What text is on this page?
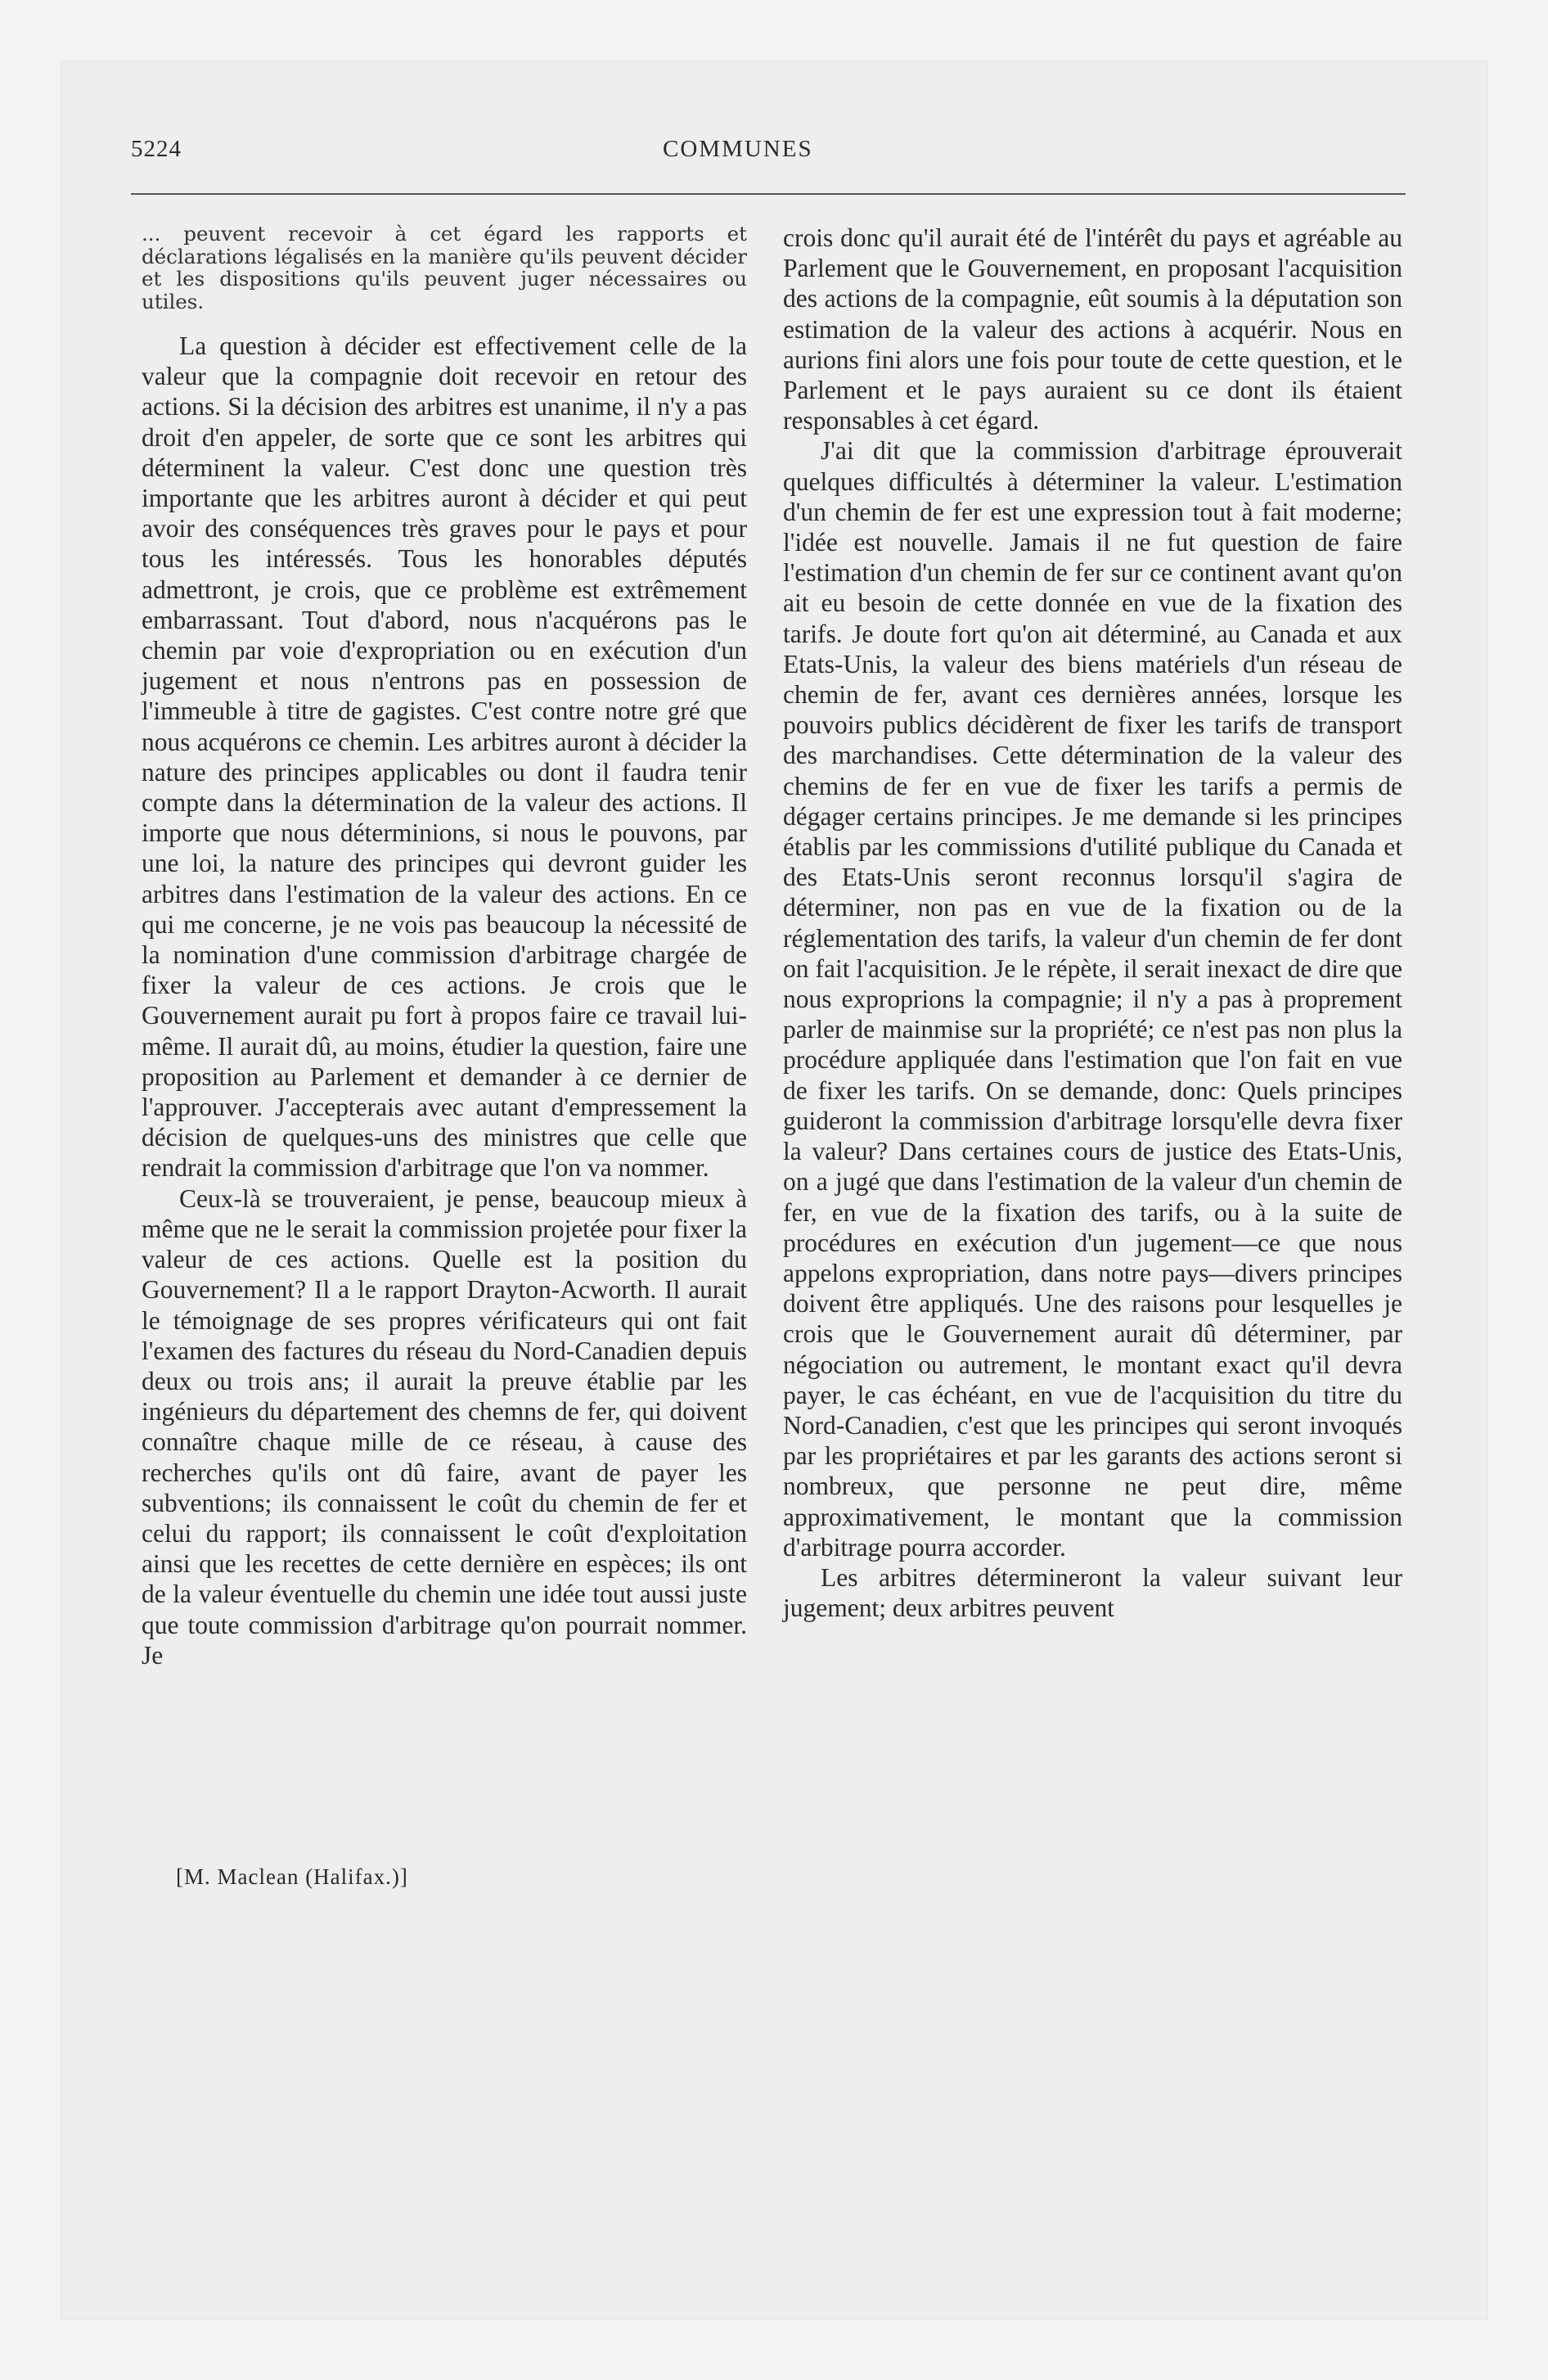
5224	COMMUNES

... peuvent recevoir à cet égard les rapports et déclarations légalisés en la manière qu'ils peuvent décider et les dispositions qu'ils peuvent juger nécessaires ou utiles.

La question à décider est effectivement celle de la valeur que la compagnie doit recevoir en retour des actions. Si la décision des arbitres est unanime, il n'y a pas droit d'en appeler, de sorte que ce sont les arbitres qui déterminent la valeur. C'est donc une question très importante que les arbitres auront à décider et qui peut avoir des conséquences très graves pour le pays et pour tous les intéressés. Tous les honorables députés admettront, je crois, que ce problème est extrêmement embarrassant. Tout d'abord, nous n'acquérons pas le chemin par voie d'expropriation ou en exécution d'un jugement et nous n'entrons pas en possession de l'immeuble à titre de gagistes. C'est contre notre gré que nous acquérons ce chemin. Les arbitres auront à décider la nature des principes applicables ou dont il faudra tenir compte dans la détermination de la valeur des actions. Il importe que nous déterminions, si nous le pouvons, par une loi, la nature des principes qui devront guider les arbitres dans l'estimation de la valeur des actions. En ce qui me concerne, je ne vois pas beaucoup la nécessité de la nomination d'une commission d'arbitrage chargée de fixer la valeur de ces actions. Je crois que le Gouvernement aurait pu fort à propos faire ce travail lui-même. Il aurait dû, au moins, étudier la question, faire une proposition au Parlement et demander à ce dernier de l'approuver. J'accepterais avec autant d'empressement la décision de quelques-uns des ministres que celle que rendrait la commission d'arbitrage que l'on va nommer.

Ceux-là se trouveraient, je pense, beaucoup mieux à même que ne le serait la commission projetée pour fixer la valeur de ces actions. Quelle est la position du Gouvernement? Il a le rapport Drayton-Acworth. Il aurait le témoignage de ses propres vérificateurs qui ont fait l'examen des factures du réseau du Nord-Canadien depuis deux ou trois ans; il aurait la preuve établie par les ingénieurs du département des chemns de fer, qui doivent connaître chaque mille de ce réseau, à cause des recherches qu'ils ont dû faire, avant de payer les subventions; ils connaissent le coût du chemin de fer et celui du rapport; ils connaissent le coût d'exploitation ainsi que les recettes de cette dernière en espèces; ils ont de la valeur éventuelle du chemin une idée tout aussi juste que toute commission d'arbitrage qu'on pourrait nommer. Je

crois donc qu'il aurait été de l'intérêt du pays et agréable au Parlement que le Gouvernement, en proposant l'acquisition des actions de la compagnie, eût soumis à la députation son estimation de la valeur des actions à acquérir. Nous en aurions fini alors une fois pour toute de cette question, et le Parlement et le pays auraient su ce dont ils étaient responsables à cet égard.

J'ai dit que la commission d'arbitrage éprouverait quelques difficultés à déterminer la valeur. L'estimation d'un chemin de fer est une expression tout à fait moderne; l'idée est nouvelle. Jamais il ne fut question de faire l'estimation d'un chemin de fer sur ce continent avant qu'on ait eu besoin de cette donnée en vue de la fixation des tarifs. Je doute fort qu'on ait déterminé, au Canada et aux Etats-Unis, la valeur des biens matériels d'un réseau de chemin de fer, avant ces dernières années, lorsque les pouvoirs publics décidèrent de fixer les tarifs de transport des marchandises. Cette détermination de la valeur des chemins de fer en vue de fixer les tarifs a permis de dégager certains principes. Je me demande si les principes établis par les commissions d'utilité publique du Canada et des Etats-Unis seront reconnus lorsqu'il s'agira de déterminer, non pas en vue de la fixation ou de la réglementation des tarifs, la valeur d'un chemin de fer dont on fait l'acquisition. Je le répète, il serait inexact de dire que nous exproprions la compagnie; il n'y a pas à proprement parler de mainmise sur la propriété; ce n'est pas non plus la procédure appliquée dans l'estimation que l'on fait en vue de fixer les tarifs. On se demande, donc: Quels principes guideront la commission d'arbitrage lorsqu'elle devra fixer la valeur? Dans certaines cours de justice des Etats-Unis, on a jugé que dans l'estimation de la valeur d'un chemin de fer, en vue de la fixation des tarifs, ou à la suite de procédures en exécution d'un jugement—ce que nous appelons expropriation, dans notre pays—divers principes doivent être appliqués. Une des raisons pour lesquelles je crois que le Gouvernement aurait dû déterminer, par négociation ou autrement, le montant exact qu'il devra payer, le cas échéant, en vue de l'acquisition du titre du Nord-Canadien, c'est que les principes qui seront invoqués par les propriétaires et par les garants des actions seront si nombreux, que personne ne peut dire, même approximativement, le montant que la commission d'arbitrage pourra accorder.

Les arbitres détermineront la valeur suivant leur jugement; deux arbitres peuvent

[M. Maclean (Halifax.)]
